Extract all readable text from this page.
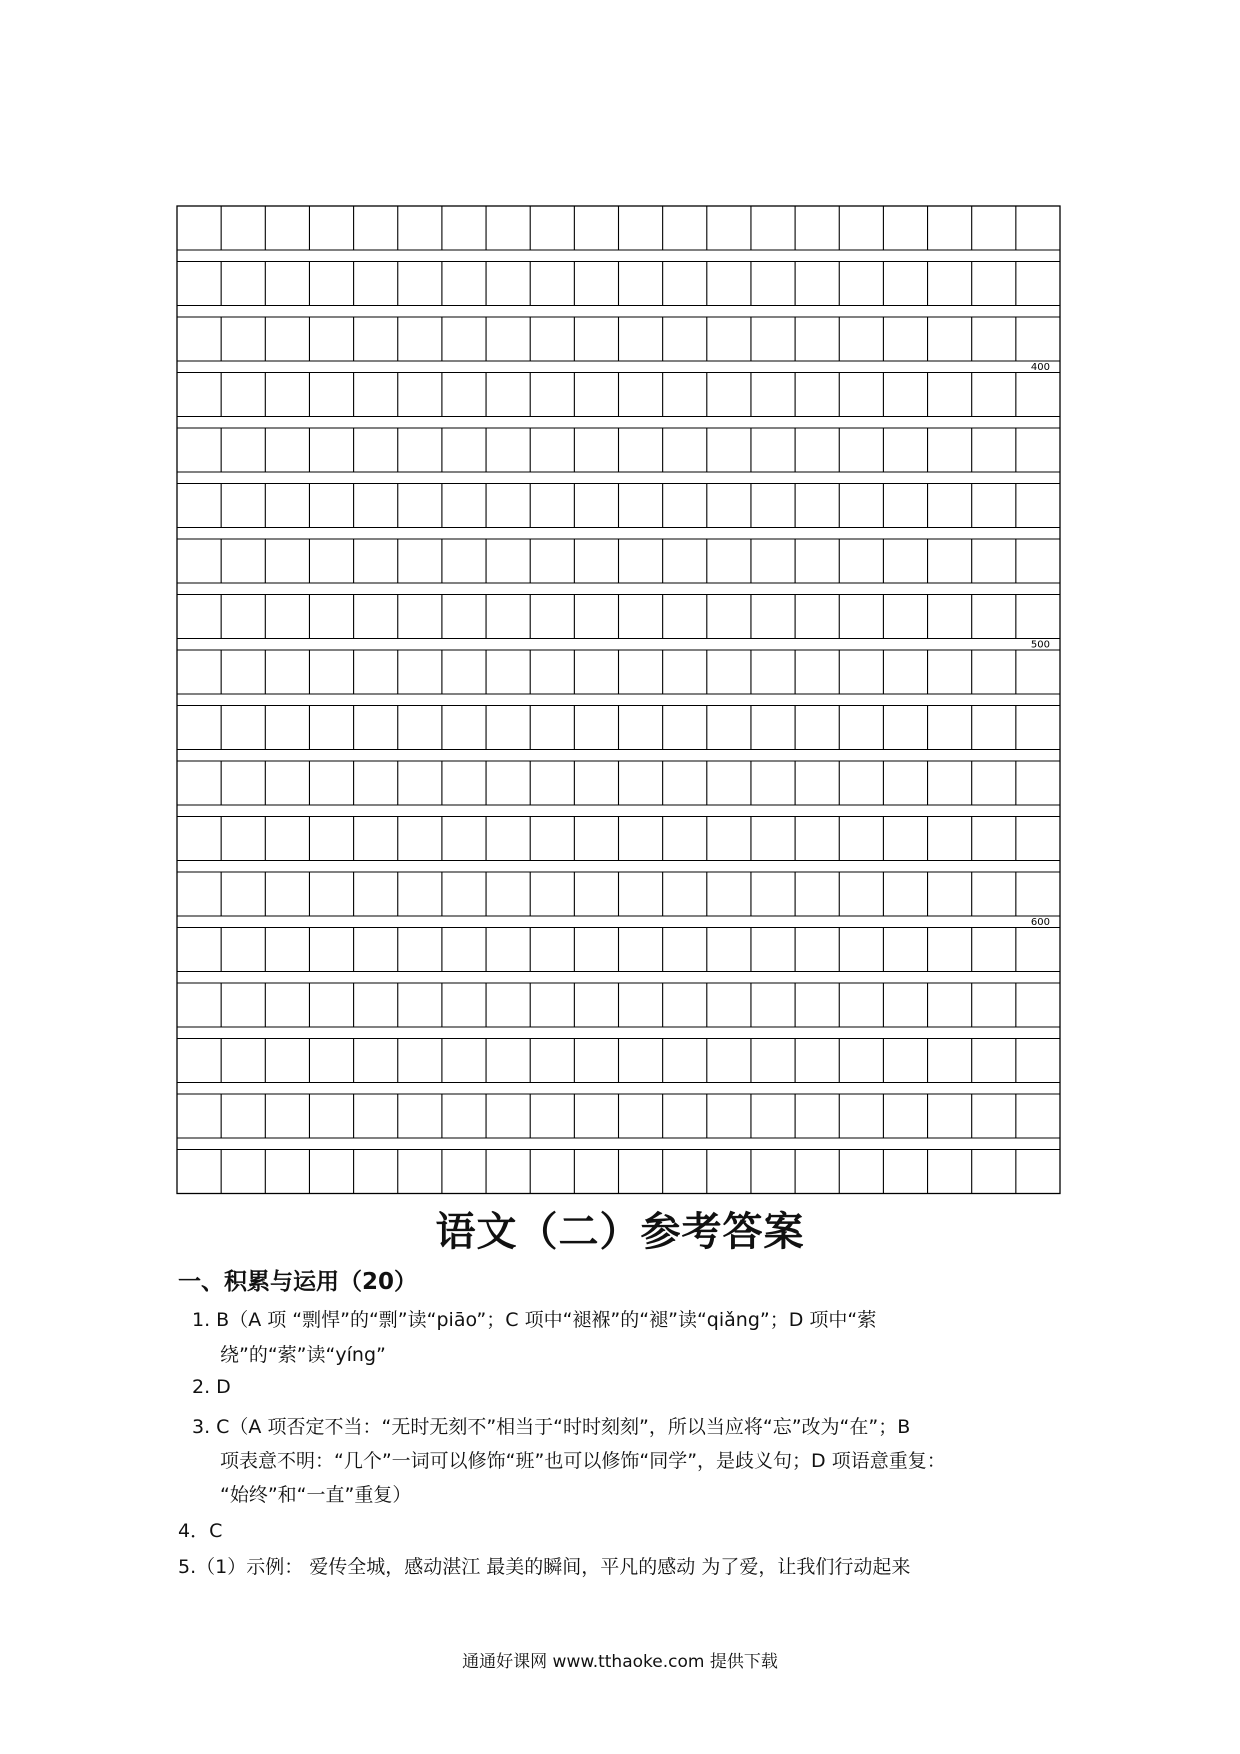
400
500
600
语文（二）参考答案
一、积累与运用（20）
1. B（A 项 “剽悍”的“剽”读“piāo”；C 项中“褪褓”的“褪”读“qiǎng”；D 项中“萦
绕”的“萦”读“yíng”
2. D
3. C（A 项否定不当：“无时无刻不”相当于“时时刻刻”，所以当应将“忘”改为“在”；B
项表意不明：“几个”一词可以修饰“班”也可以修饰“同学”，是歧义句；D 项语意重复：
“始终”和“一直”重复）
4．C
5.（1）示例： 爱传全城，感动湛江 最美的瞬间，平凡的感动 为了爱，让我们行动起来
通通好课网 www.tthaoke.com 提供下载
